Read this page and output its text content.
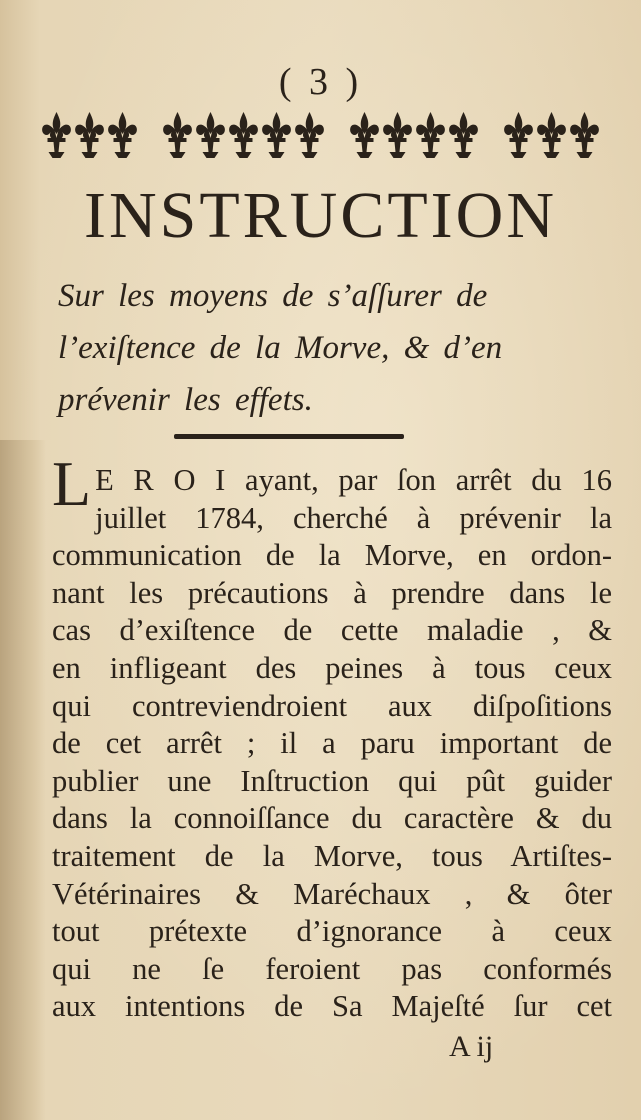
( 3 )
INSTRUCTION
Sur les moyens de s’aſſurer de
l’exiſtence de la Morve, & d’en
prévenir les effets.
L E R O I ayant, par ſon arrêt du 16
juillet 1784, cherché à prévenir la
communication de la Morve, en ordon-
nant les précautions à prendre dans le
cas d’exiſtence de cette maladie , &
en infligeant des peines à tous ceux
qui contreviendroient aux diſpoſitions
de cet arrêt ; il a paru important de
publier une Inſtruction qui pût guider
dans la connoiſſance du caractère & du
traitement de la Morve, tous Artiſtes-
Vétérinaires & Maréchaux , & ôter
tout prétexte d’ignorance à ceux
qui ne ſe feroient pas conformés
aux intentions de Sa Majeſté ſur cet
A ij
